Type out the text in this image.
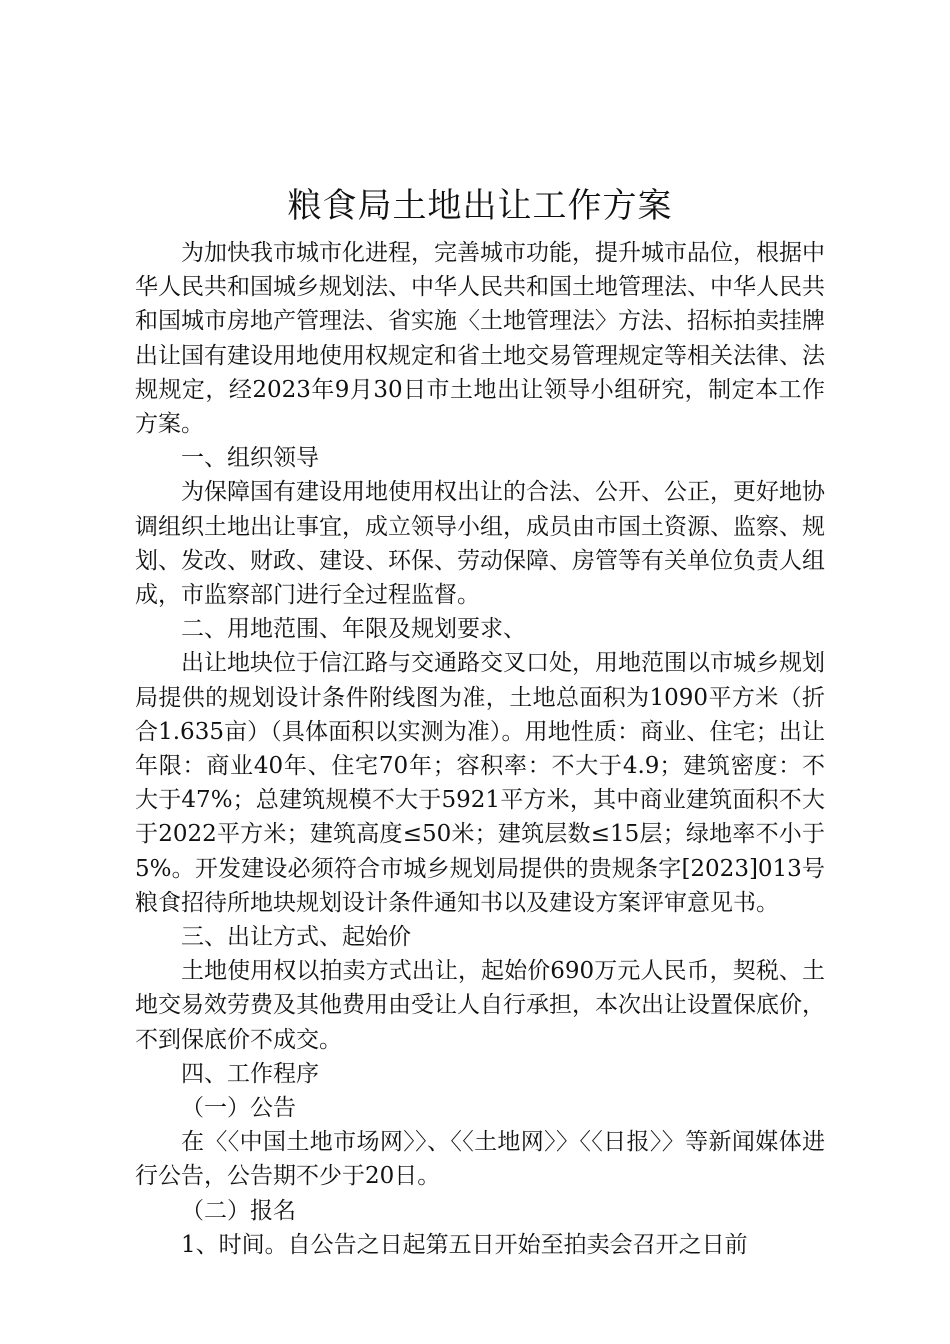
粮食局土地出让工作方案

为加快我市城市化进程，完善城市功能，提升城市品位，根据中华人民共和国城乡规划法、中华人民共和国土地管理法、中华人民共和国城市房地产管理法、省实施〈土地管理法〉方法、招标拍卖挂牌出让国有建设用地使用权规定和省土地交易管理规定等相关法律、法规规定，经2023年9月30日市土地出让领导小组研究，制定本工作方案。

一、组织领导

为保障国有建设用地使用权出让的合法、公开、公正，更好地协调组织土地出让事宜，成立领导小组，成员由市国土资源、监察、规划、发改、财政、建设、环保、劳动保障、房管等有关单位负责人组成，市监察部门进行全过程监督。

二、用地范围、年限及规划要求、

出让地块位于信江路与交通路交叉口处，用地范围以市城乡规划局提供的规划设计条件附线图为准，土地总面积为1090平方米（折合1.635亩）（具体面积以实测为准）。用地性质：商业、住宅；出让年限：商业40年、住宅70年；容积率：不大于4.9；建筑密度：不大于47%；总建筑规模不大于5921平方米，其中商业建筑面积不大于2022平方米；建筑高度≤50米；建筑层数≤15层；绿地率不小于5%。开发建设必须符合市城乡规划局提供的贵规条字[2023]013号粮食招待所地块规划设计条件通知书以及建设方案评审意见书。

三、出让方式、起始价

土地使用权以拍卖方式出让，起始价690万元人民币，契税、土地交易效劳费及其他费用由受让人自行承担，本次出让设置保底价，不到保底价不成交。

四、工作程序

（一）公告

在〈〈中国土地市场网〉〉、〈〈土地网〉〉〈〈日报〉〉等新闻媒体进行公告，公告期不少于20日。

（二）报名

1、时间。自公告之日起第五日开始至拍卖会召开之日前
